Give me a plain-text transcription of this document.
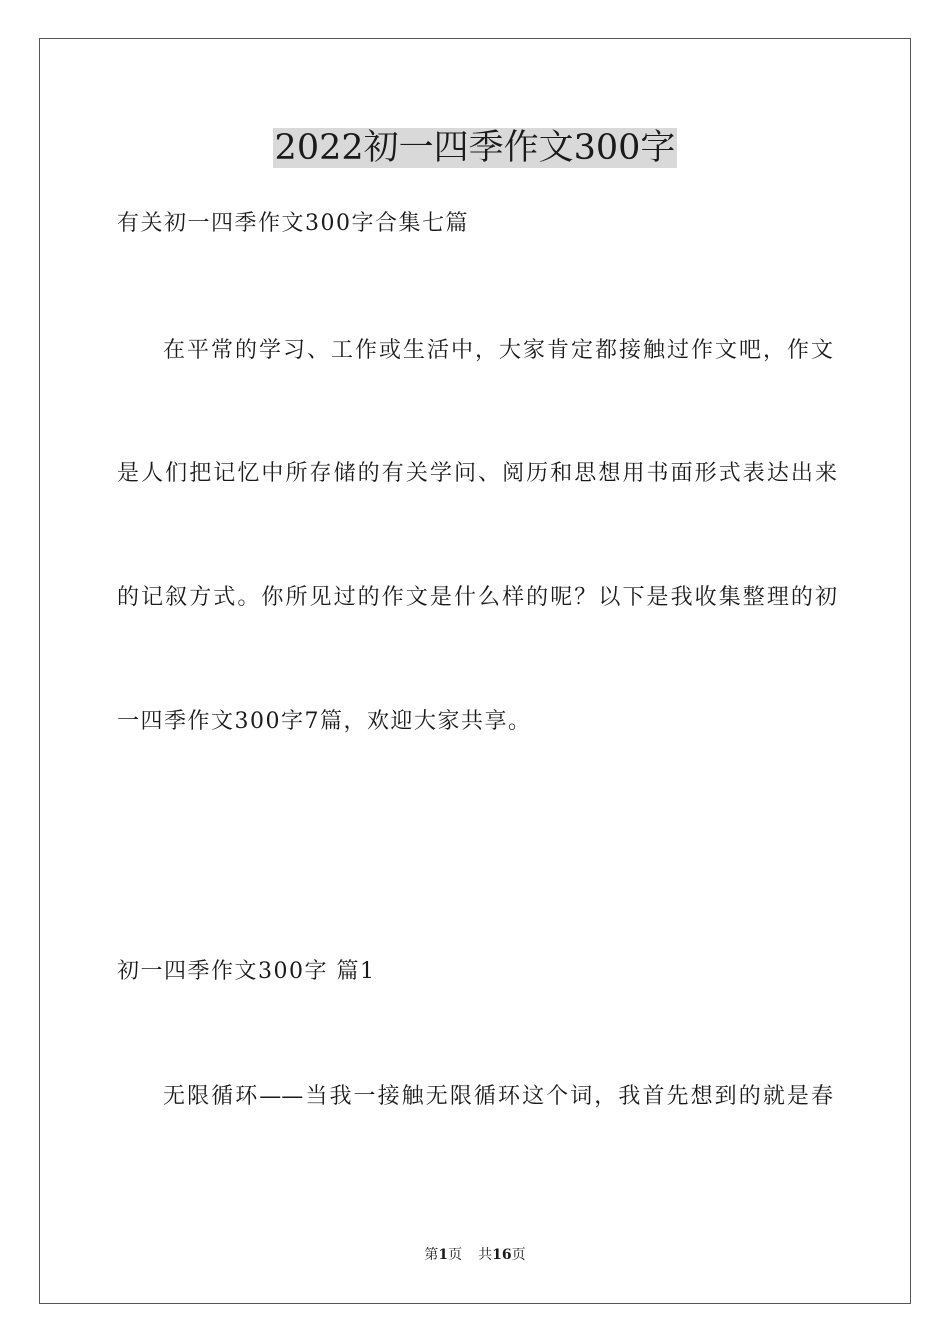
2022初一四季作文300字
有关初一四季作文300字合集七篇
在平常的学习、工作或生活中，大家肯定都接触过作文吧，作文
是人们把记忆中所存储的有关学问、阅历和思想用书面形式表达出来
的记叙方式。你所见过的作文是什么样的呢？以下是我收集整理的初
一四季作文300字7篇，欢迎大家共享。
初一四季作文300字 篇1
无限循环——当我一接触无限循环这个词，我首先想到的就是春
第1页 共16页
